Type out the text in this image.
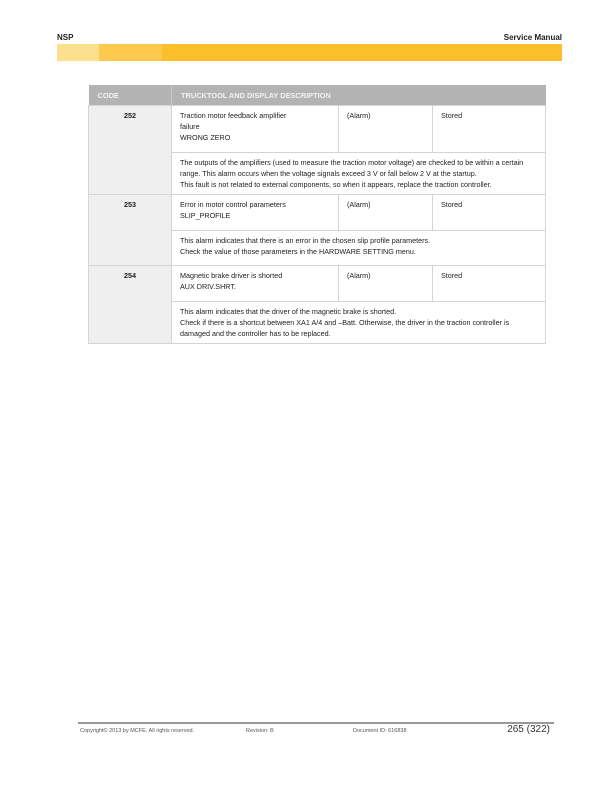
NSP	Service Manual
CODE	TRUCKTOOL AND DISPLAY DESCRIPTION		
252	Traction motor feedback amplifier
failure
WRONG ZERO	(Alarm)	Stored

	The outputs of the amplifiers (used to measure the traction motor voltage) are checked to be within a certain range. This alarm occurs when the voltage signals exceed 3 V or fall below 2 V at the startup.

This fault is not related to external components, so when it appears, replace the traction controller.		

253	Error in motor control parameters
SLIP_PROFILE	(Alarm)	Stored

	This alarm indicates that there is an error in the chosen slip profile parameters.

Check the value of those parameters in the HARDWARE SETTING menu.		

254	Magnetic brake driver is shorted
AUX DRIV.SHRT.	(Alarm)	Stored

	This alarm indicates that the driver of the magnetic brake is shorted.

Check if there is a shortcut between XA1 A/4 and –Batt. Otherwise, the driver in the traction controller is damaged and the controller has to be replaced.		

Copyright© 2013 by MCFE. All rights reserved.	Revision: B	Document ID: 616838	265 (322)
